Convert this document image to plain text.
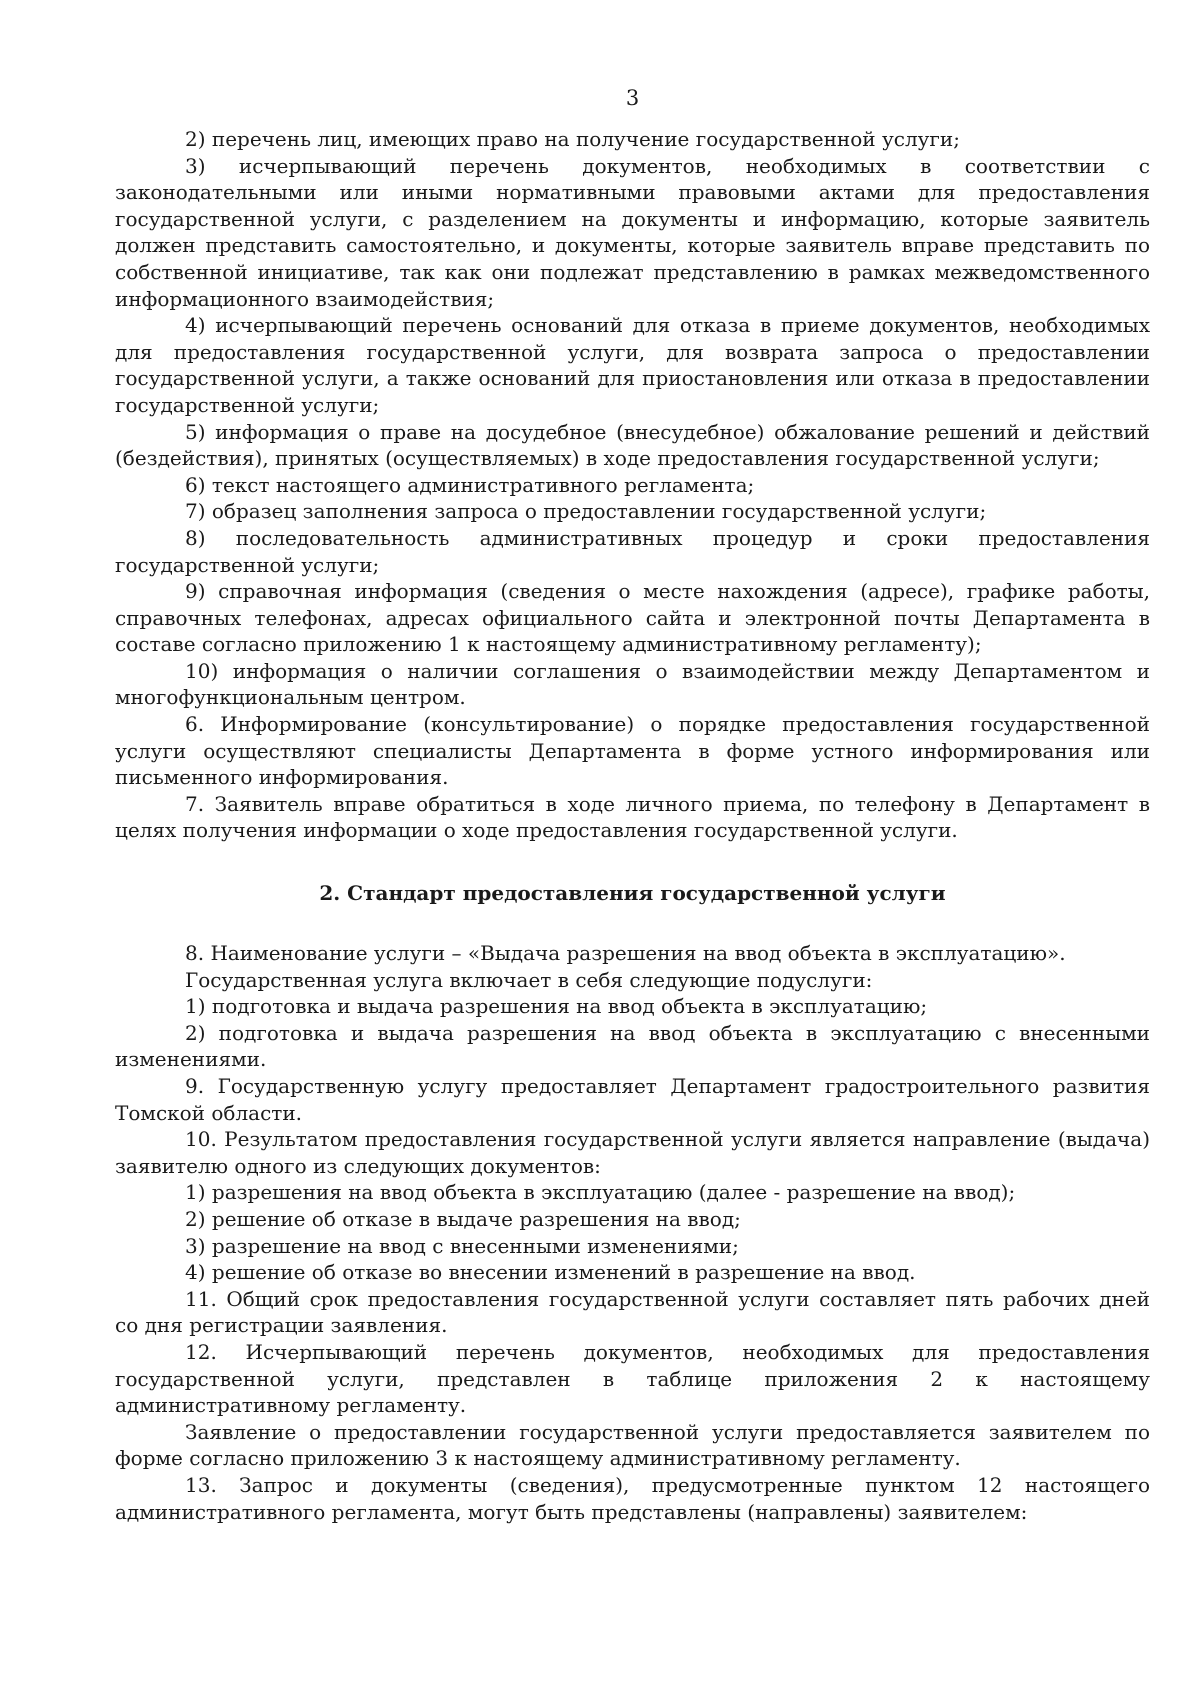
3

2) перечень лиц, имеющих право на получение государственной услуги;

3) исчерпывающий перечень документов, необходимых в соответствии с законодательными или иными нормативными правовыми актами для предоставления государственной услуги, с разделением на документы и информацию, которые заявитель должен представить самостоятельно, и документы, которые заявитель вправе представить по собственной инициативе, так как они подлежат представлению в рамках межведомственного информационного взаимодействия;

4) исчерпывающий перечень оснований для отказа в приеме документов, необходимых для предоставления государственной услуги, для возврата запроса о предоставлении государственной услуги, а также оснований для приостановления или отказа в предоставлении государственной услуги;

5) информация о праве на досудебное (внесудебное) обжалование решений и действий (бездействия), принятых (осуществляемых) в ходе предоставления государственной услуги;

6) текст настоящего административного регламента;

7) образец заполнения запроса о предоставлении государственной услуги;

8) последовательность административных процедур и сроки предоставления государственной услуги;

9) справочная информация (сведения о месте нахождения (адресе), графике работы, справочных телефонах, адресах официального сайта и электронной почты Департамента в составе согласно приложению 1 к настоящему административному регламенту);

10) информация о наличии соглашения о взаимодействии между Департаментом и многофункциональным центром.

6. Информирование (консультирование) о порядке предоставления государственной услуги осуществляют специалисты Департамента в форме устного информирования или письменного информирования.

7. Заявитель вправе обратиться в ходе личного приема, по телефону в Департамент в целях получения информации о ходе предоставления государственной услуги.

2. Стандарт предоставления государственной услуги

8. Наименование услуги – «Выдача разрешения на ввод объекта в эксплуатацию».

Государственная услуга включает в себя следующие подуслуги:

1) подготовка и выдача разрешения на ввод объекта в эксплуатацию;

2) подготовка и выдача разрешения на ввод объекта в эксплуатацию с внесенными изменениями.

9. Государственную услугу предоставляет Департамент градостроительного развития Томской области.

10. Результатом предоставления государственной услуги является направление (выдача) заявителю одного из следующих документов:

1) разрешения на ввод объекта в эксплуатацию (далее - разрешение на ввод);

2) решение об отказе в выдаче разрешения на ввод;

3) разрешение на ввод с внесенными изменениями;

4) решение об отказе во внесении изменений в разрешение на ввод.

11. Общий срок предоставления государственной услуги составляет пять рабочих дней со дня регистрации заявления.

12. Исчерпывающий перечень документов, необходимых для предоставления государственной услуги, представлен в таблице приложения 2 к настоящему административному регламенту.

Заявление о предоставлении государственной услуги предоставляется заявителем по форме согласно приложению 3 к настоящему административному регламенту.

13. Запрос и документы (сведения), предусмотренные пунктом 12 настоящего административного регламента, могут быть представлены (направлены) заявителем:
